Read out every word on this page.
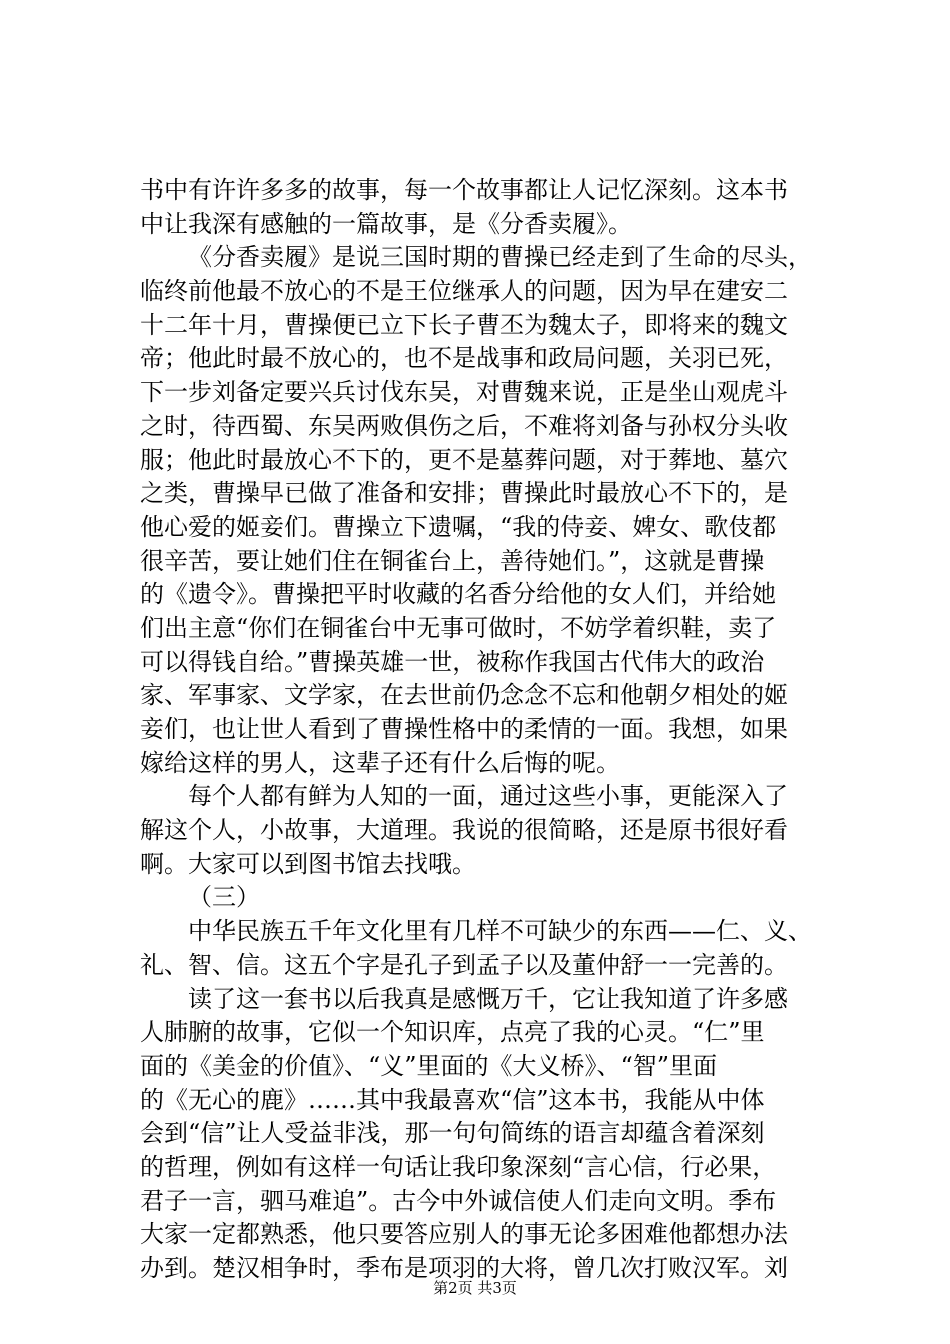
书中有许许多多的故事，每一个故事都让人记忆深刻。这本书
中让我深有感触的一篇故事，是《分香卖履》。
《分香卖履》是说三国时期的曹操已经走到了生命的尽头，
临终前他最不放心的不是王位继承人的问题，因为早在建安二
十二年十月，曹操便已立下长子曹丕为魏太子，即将来的魏文
帝；他此时最不放心的，也不是战事和政局问题，关羽已死，
下一步刘备定要兴兵讨伐东吴，对曹魏来说，正是坐山观虎斗
之时，待西蜀、东吴两败俱伤之后，不难将刘备与孙权分头收
服；他此时最放心不下的，更不是墓葬问题，对于葬地、墓穴
之类，曹操早已做了准备和安排；曹操此时最放心不下的，是
他心爱的姬妾们。曹操立下遗嘱，“我的侍妾、婢女、歌伎都
很辛苦，要让她们住在铜雀台上，善待她们。”，这就是曹操
的《遗令》。曹操把平时收藏的名香分给他的女人们，并给她
们出主意“你们在铜雀台中无事可做时，不妨学着织鞋，卖了
可以得钱自给。”曹操英雄一世，被称作我国古代伟大的政治
家、军事家、文学家，在去世前仍念念不忘和他朝夕相处的姬
妾们，也让世人看到了曹操性格中的柔情的一面。我想，如果
嫁给这样的男人，这辈子还有什么后悔的呢。
每个人都有鲜为人知的一面，通过这些小事，更能深入了
解这个人，小故事，大道理。我说的很简略，还是原书很好看
啊。大家可以到图书馆去找哦。
（三）
中华民族五千年文化里有几样不可缺少的东西——仁、义、
礼、智、信。这五个字是孔子到孟子以及董仲舒一一完善的。
读了这一套书以后我真是感慨万千，它让我知道了许多感
人肺腑的故事，它似一个知识库，点亮了我的心灵。“仁”里
面的《美金的价值》、“义”里面的《大义桥》、“智”里面
的《无心的鹿》……其中我最喜欢“信”这本书，我能从中体
会到“信”让人受益非浅，那一句句简练的语言却蕴含着深刻
的哲理，例如有这样一句话让我印象深刻“言心信，行必果，
君子一言，驷马难追”。古今中外诚信使人们走向文明。季布
大家一定都熟悉，他只要答应别人的事无论多困难他都想办法
办到。楚汉相争时，季布是项羽的大将，曾几次打败汉军。刘
第2页 共3页
